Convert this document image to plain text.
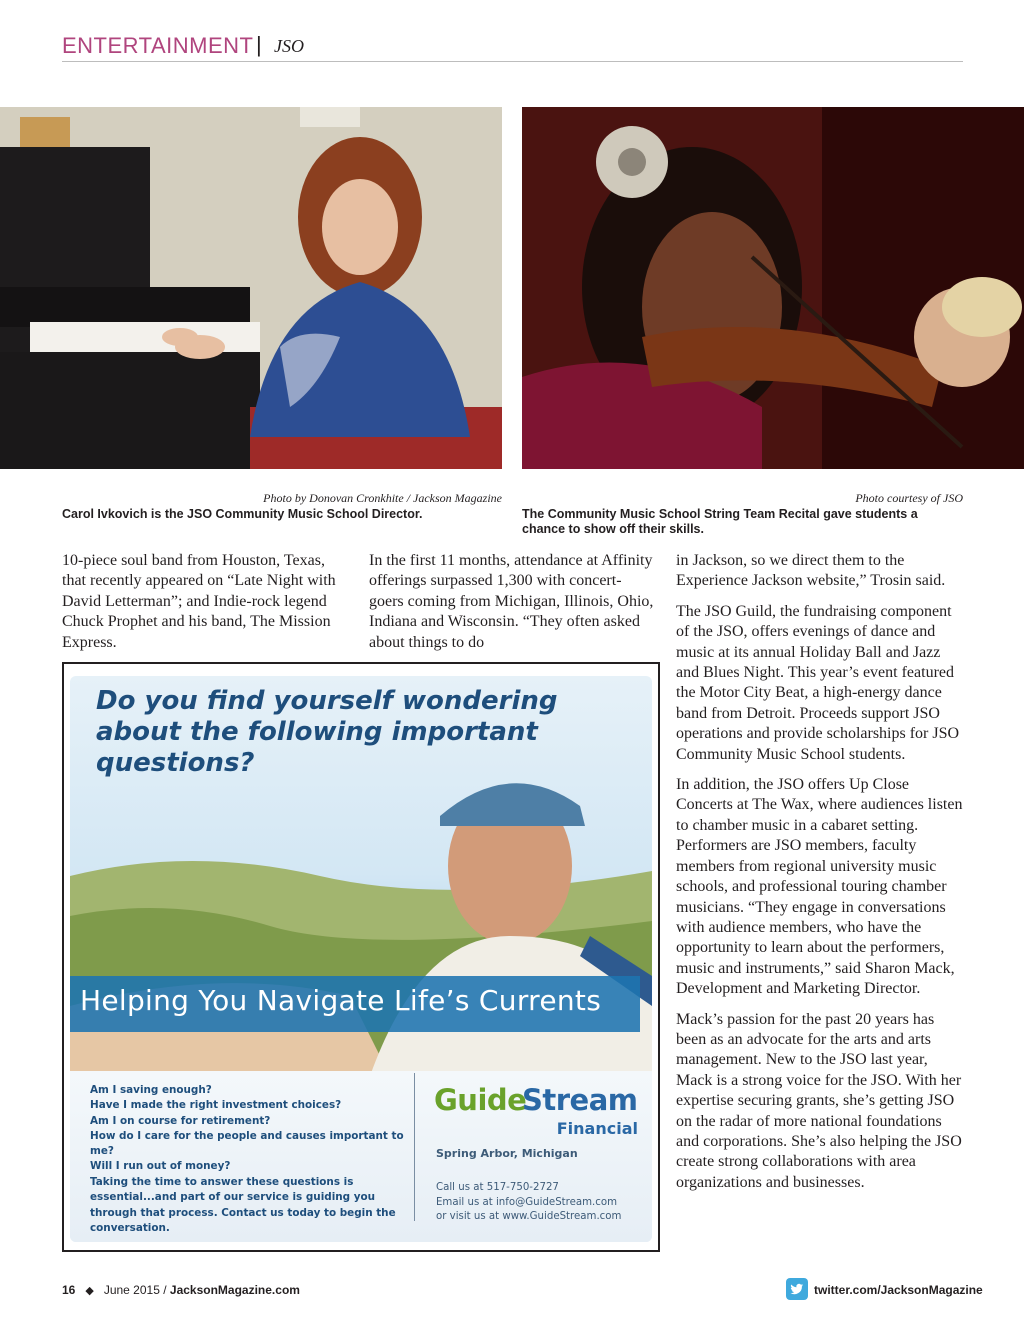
ENTERTAINMENT | JSO
Photo by Donovan Cronkhite / Jackson Magazine
Carol Ivkovich is the JSO Community Music School Director.
Photo courtesy of JSO
The Community Music School String Team Recital gave students a chance to show off their skills.

10-piece soul band from Houston, Texas, that recently appeared on “Late Night with David Letterman”; and Indie-rock legend Chuck Prophet and his band, The Mission Express.

In the first 11 months, attendance at Affinity offerings surpassed 1,300 with concert-goers coming from Michigan, Illinois, Ohio, Indiana and Wisconsin. “They often asked about things to do

in Jackson, so we direct them to the Experience Jackson website,” Trosin said.

The JSO Guild, the fundraising component of the JSO, offers evenings of dance and music at its annual Holiday Ball and Jazz and Blues Night. This year’s event featured the Motor City Beat, a high-energy dance band from Detroit. Proceeds support JSO operations and provide scholarships for JSO Community Music School students.

In addition, the JSO offers Up Close Concerts at The Wax, where audiences listen to chamber music in a cabaret setting. Performers are JSO members, faculty members from regional university music schools, and professional touring chamber musicians. “They engage in conversations with audience members, who have the opportunity to learn about the performers, music and instruments,” said Sharon Mack, Development and Marketing Director.

Mack’s passion for the past 20 years has been as an advocate for the arts and arts management. New to the JSO last year, Mack is a strong voice for the JSO. With her expertise securing grants, she’s getting JSO on the radar of more national foundations and corporations. She’s also helping the JSO create strong collaborations with area organizations and businesses.

Do you find yourself wondering about the following important questions?
Helping You Navigate Life’s Currents
Am I saving enough?
Have I made the right investment choices?
Am I on course for retirement?
How do I care for the people and causes important to me?
Will I run out of money?
Taking the time to answer these questions is essential...and part of our service is guiding you through that process. Contact us today to begin the conversation.
Guide
Stream
Financial
Spring Arbor, Michigan
Call us at 517-750-2727
Email us at info@GuideStream.com
or visit us at www.GuideStream.com
16 ◆ June 2015 / JacksonMagazine.com	twitter.com/JacksonMagazine
